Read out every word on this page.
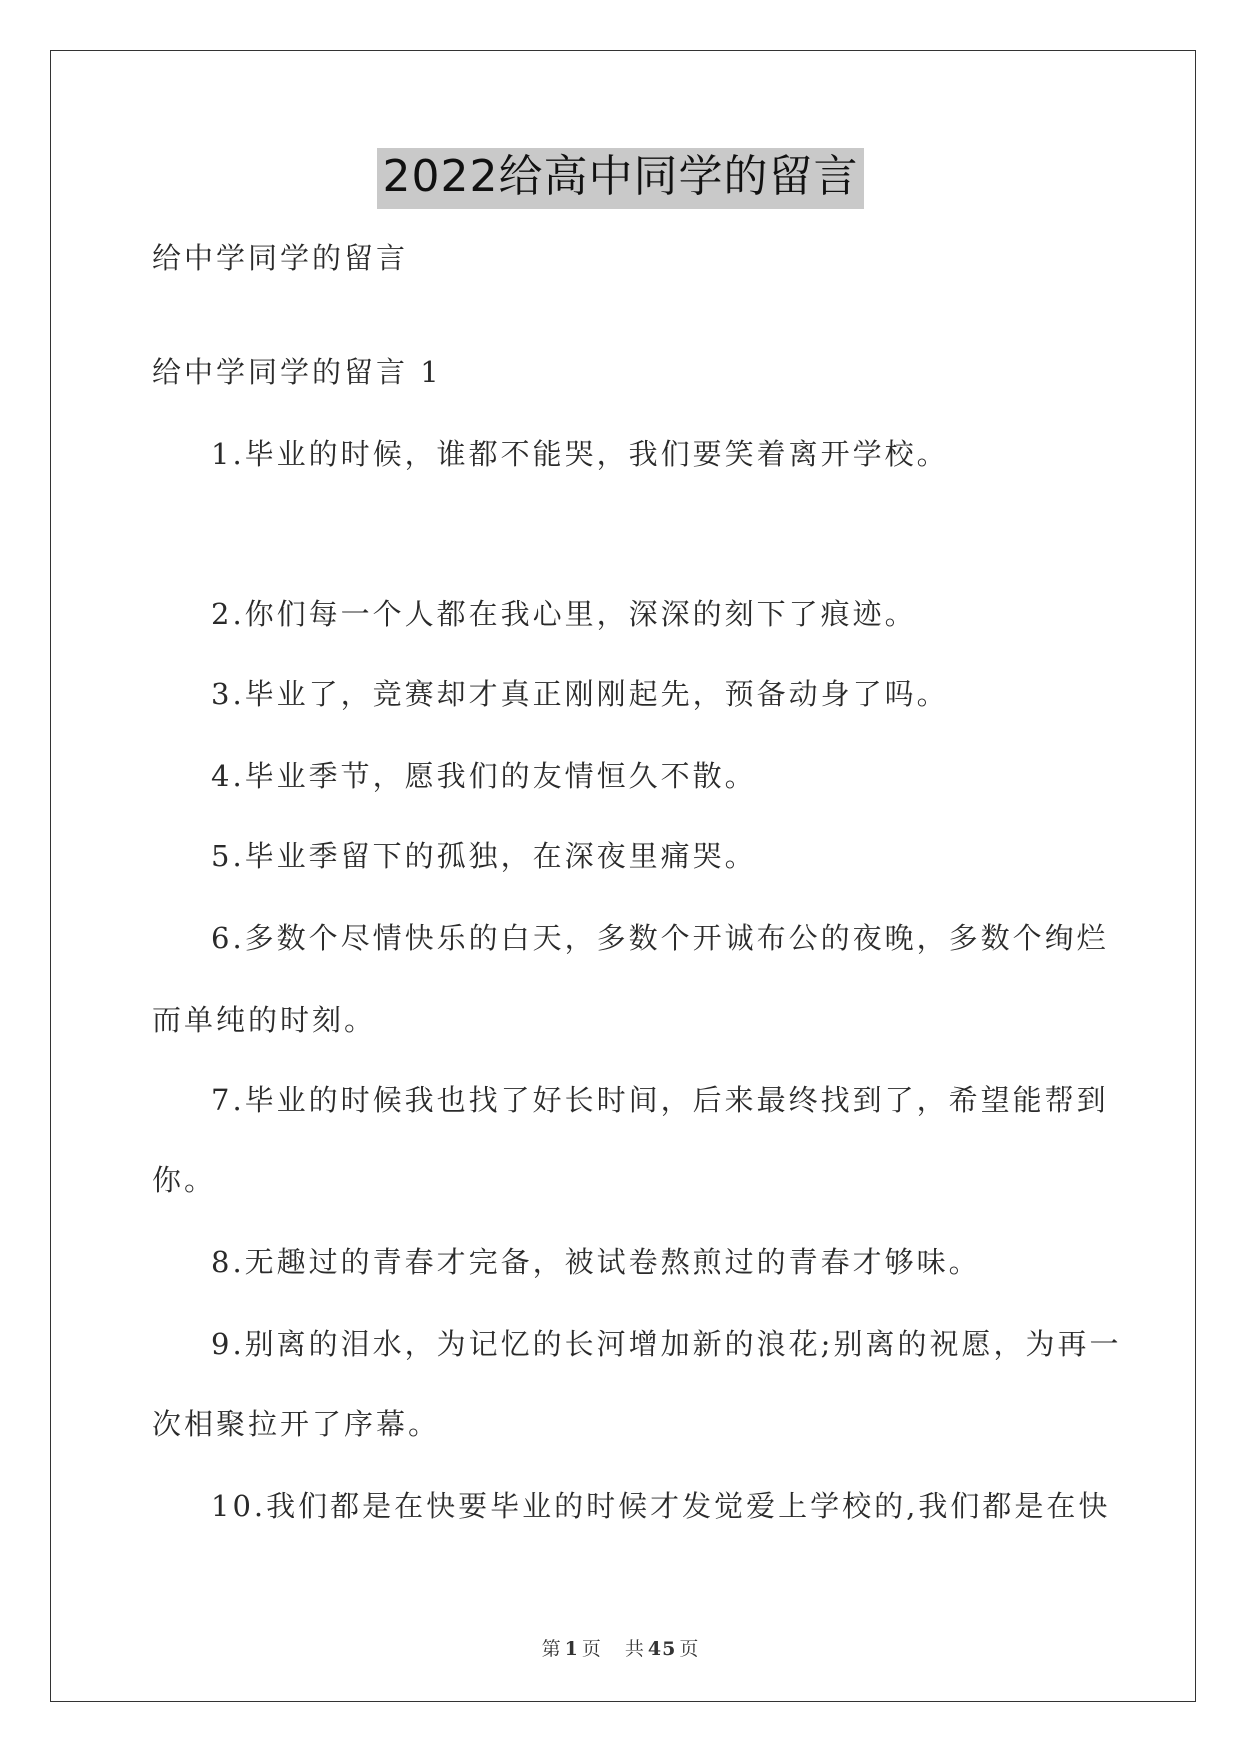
2022给高中同学的留言
给中学同学的留言
给中学同学的留言 1
1.毕业的时候，谁都不能哭，我们要笑着离开学校。
2.你们每一个人都在我心里，深深的刻下了痕迹。
3.毕业了，竞赛却才真正刚刚起先，预备动身了吗。
4.毕业季节，愿我们的友情恒久不散。
5.毕业季留下的孤独，在深夜里痛哭。
6.多数个尽情快乐的白天，多数个开诚布公的夜晚，多数个绚烂
而单纯的时刻。
7.毕业的时候我也找了好长时间，后来最终找到了，希望能帮到
你。
8.无趣过的青春才完备，被试卷熬煎过的青春才够味。
9.别离的泪水，为记忆的长河增加新的浪花;别离的祝愿，为再一
次相聚拉开了序幕。
10.我们都是在快要毕业的时候才发觉爱上学校的,我们都是在快
第 1 页 共 45 页
